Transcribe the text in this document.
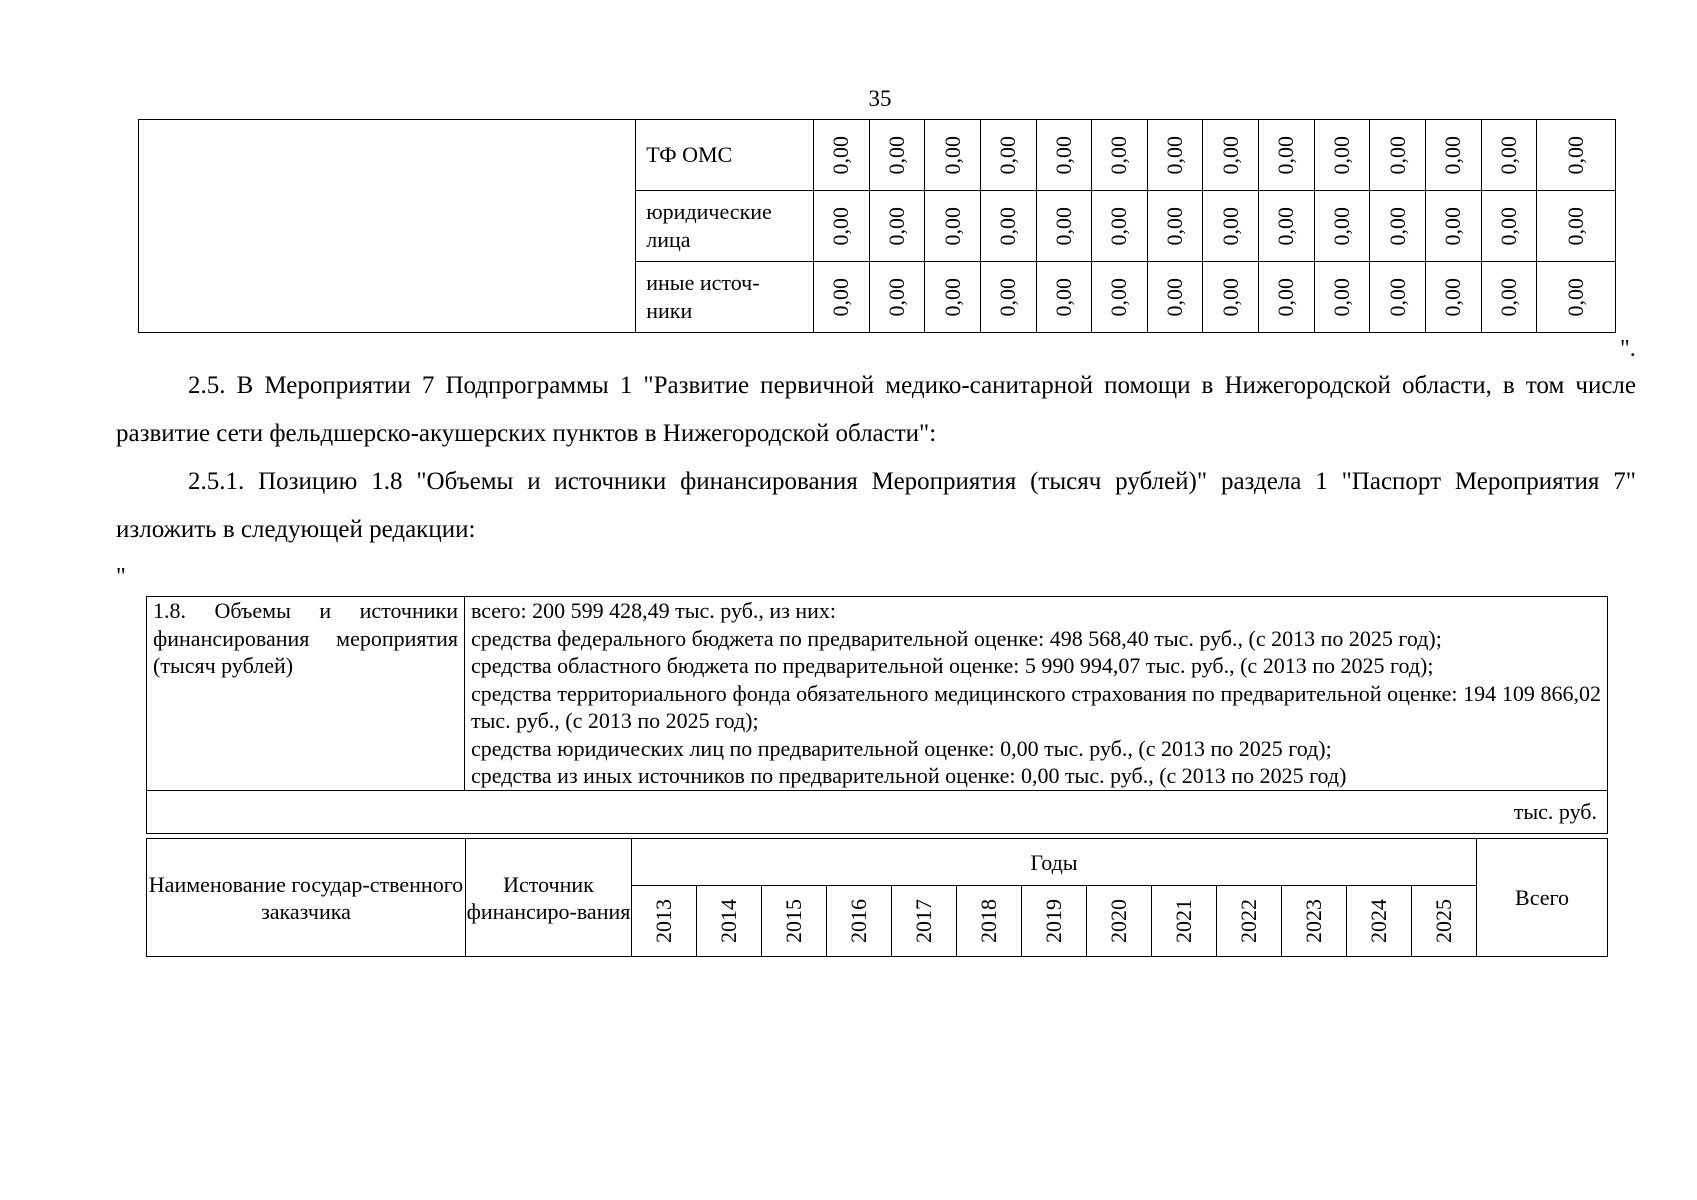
35
	ТФ ОМС	0,00	0,00	0,00	0,00	0,00	0,00	0,00	0,00	0,00	0,00	0,00	0,00	0,00	0,00

	юридические лица	0,00	0,00	0,00	0,00	0,00	0,00	0,00	0,00	0,00	0,00	0,00	0,00	0,00	0,00

	иные источ-ники	0,00	0,00	0,00	0,00	0,00	0,00	0,00	0,00	0,00	0,00	0,00	0,00	0,00	0,00
".

2.5. В Мероприятии 7 Подпрограммы 1 "Развитие первичной медико-санитарной помощи в Нижегородской области, в том числе развитие сети фельдшерско-акушерских пунктов в Нижегородской области":

2.5.1. Позицию 1.8 "Объемы и источники финансирования Мероприятия (тысяч рублей)" раздела 1 "Паспорт Мероприятия 7" изложить в следующей редакции:

"
1.8. Объемы и источники финансирования мероприятия (тысяч рублей)	
всего: 200 599 428,49 тыс. руб., из них:
средства федерального бюджета по предварительной оценке: 498 568,40 тыс. руб., (с 2013 по 2025 год);
средства областного бюджета по предварительной оценке: 5 990 994,07 тыс. руб., (с 2013 по 2025 год);
средства территориального фонда обязательного медицинского страхования по предварительной оценке: 194 109 866,02 тыс. руб., (с 2013 по 2025 год);
средства юридических лиц по предварительной оценке: 0,00 тыс. руб., (с 2013 по 2025 год);
средства из иных источников по предварительной оценке: 0,00 тыс. руб., (с 2013 по 2025 год)

тыс. руб.
Наименование государ-ственного заказчика	Источник финансиро-вания	Годы													Всего

		2013	2014	2015	2016	2017	2018	2019	2020	2021	2022	2023	2024	2025	
